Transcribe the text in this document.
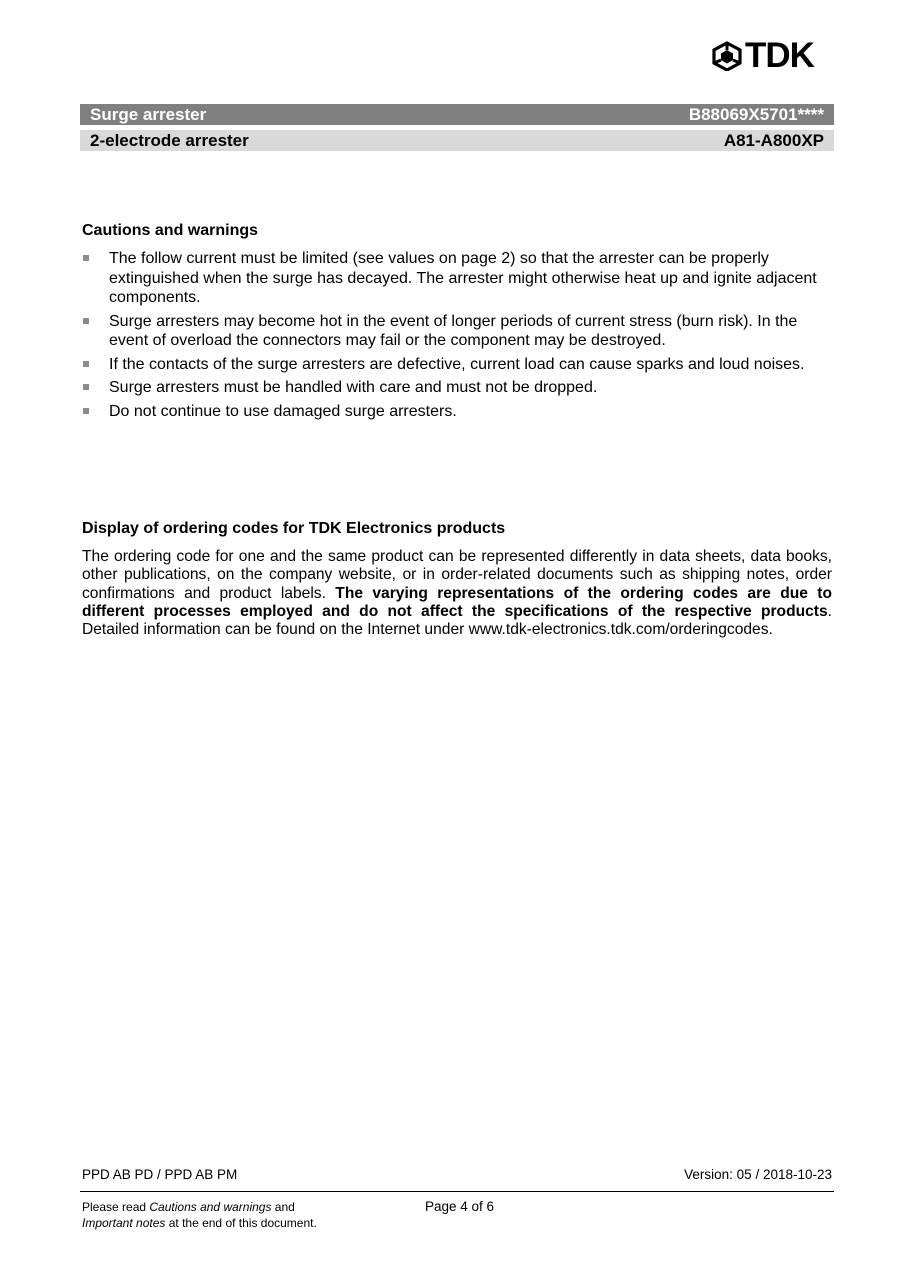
TDK
Surge arrester	B88069X5701****
2-electrode arrester	A81-A800XP
Cautions and warnings
The follow current must be limited (see values on page 2) so that the arrester can be properly extinguished when the surge has decayed. The arrester might otherwise heat up and ignite adjacent components.
Surge arresters may become hot in the event of longer periods of current stress (burn risk). In the event of overload the connectors may fail or the component may be destroyed.
If the contacts of the surge arresters are defective, current load can cause sparks and loud noises.
Surge arresters must be handled with care and must not be dropped.
Do not continue to use damaged surge arresters.
Display of ordering codes for TDK Electronics products
The ordering code for one and the same product can be represented differently in data sheets, data books, other publications, on the company website, or in order-related documents such as shipping notes, order confirmations and product labels. The varying representations of the ordering codes are due to different processes employed and do not affect the specifications of the respective products. Detailed information can be found on the Internet under www.tdk-electronics.tdk.com/orderingcodes.
PPD AB PD / PPD AB PM	Version: 05 / 2018-10-23
Please read Cautions and warnings and
Important notes at the end of this document.
Page 4 of 6
